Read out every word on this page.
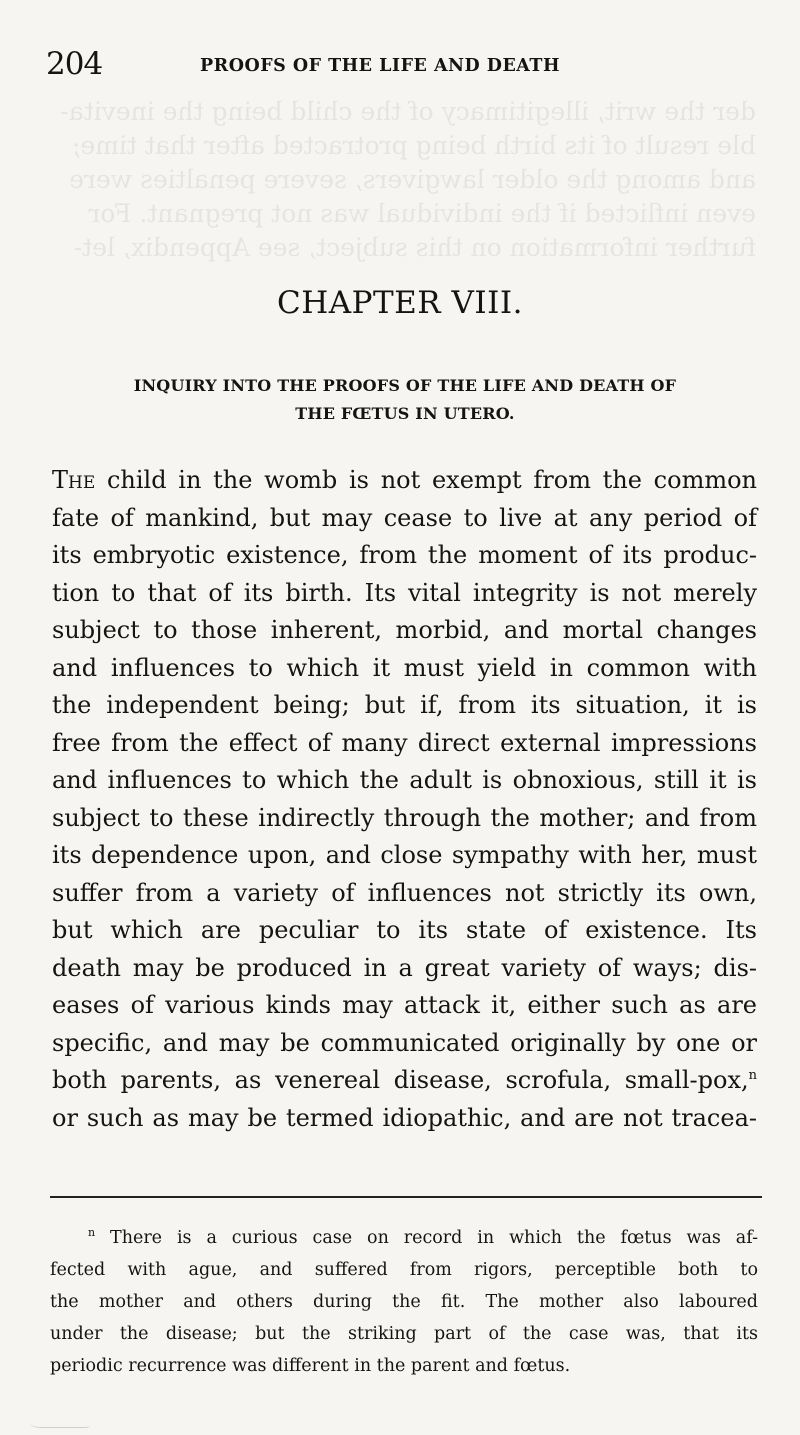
der the writ, illegitimacy of the child being the inevita-
ble result of its birth being protracted after that time;
and among the older lawgivers, severe penalties were
even inflicted if the individual was not pregnant. For
further information on this subject, see Appendix, let-
204	PROOFS OF THE LIFE AND DEATH
CHAPTER VIII.
INQUIRY INTO THE PROOFS OF THE LIFE AND DEATH OF
THE FŒTUS IN UTERO.
The child in the womb is not exempt from the common
fate of mankind, but may cease to live at any period of
its embryotic existence, from the moment of its produc-
tion to that of its birth. Its vital integrity is not merely
subject to those inherent, morbid, and mortal changes
and influences to which it must yield in common with
the independent being; but if, from its situation, it is
free from the effect of many direct external impressions
and influences to which the adult is obnoxious, still it is
subject to these indirectly through the mother; and from
its dependence upon, and close sympathy with her, must
suffer from a variety of influences not strictly its own,
but which are peculiar to its state of existence. Its
death may be produced in a great variety of ways; dis-
eases of various kinds may attack it, either such as are
specific, and may be communicated originally by one or
both parents, as venereal disease, scrofula, small-pox,$^n$
or such as may be termed idiopathic, and are not tracea-
$^n$ There is a curious case on record in which the fœtus was af-
fected with ague, and suffered from rigors, perceptible both to
the mother and others during the fit. The mother also laboured
under the disease; but the striking part of the case was, that its
periodic recurrence was different in the parent and fœtus.
